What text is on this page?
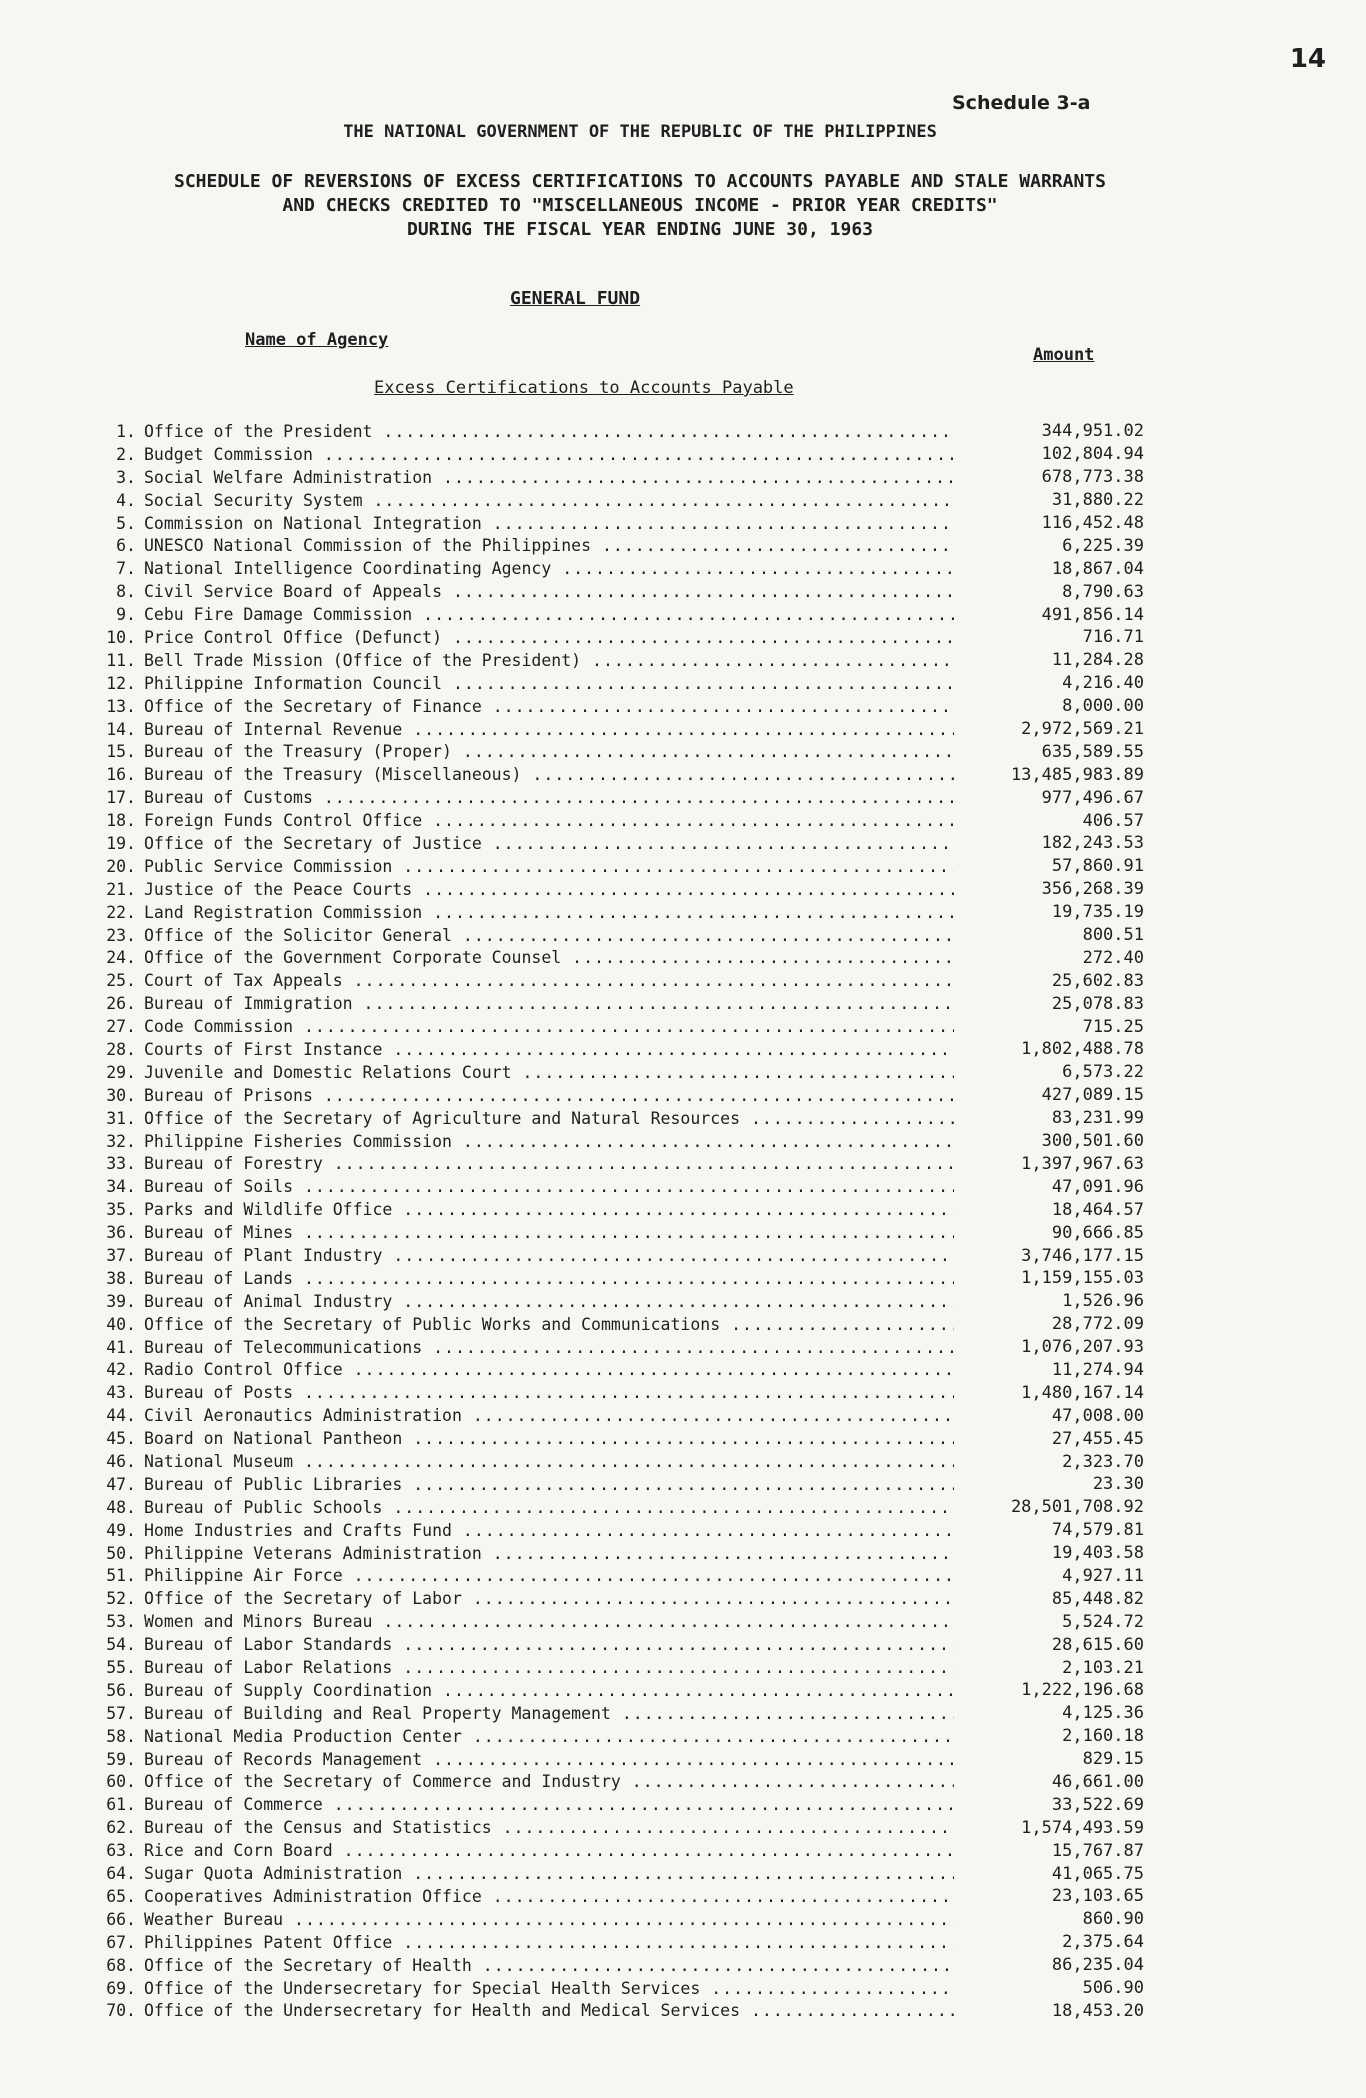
14
Schedule 3-a
THE NATIONAL GOVERNMENT OF THE REPUBLIC OF THE PHILIPPINES
SCHEDULE OF REVERSIONS OF EXCESS CERTIFICATIONS TO ACCOUNTS PAYABLE AND STALE WARRANTS
AND CHECKS CREDITED TO "MISCELLANEOUS INCOME - PRIOR YEAR CREDITS"
DURING THE FISCAL YEAR ENDING JUNE 30, 1963
GENERAL FUND
Name of Agency
Amount
Excess Certifications to Accounts Payable
1. Office of the President .....	344,951.02
2. Budget Commission .....	102,804.94
3. Social Welfare Administration .....	678,773.38
4. Social Security System .....	31,880.22
5. Commission on National Integration .....	116,452.48
6. UNESCO National Commission of the Philippines .....	6,225.39
7. National Intelligence Coordinating Agency .....	18,867.04
8. Civil Service Board of Appeals .....	8,790.63
9. Cebu Fire Damage Commission .....	491,856.14
10. Price Control Office (Defunct) .....	716.71
11. Bell Trade Mission (Office of the President) .....	11,284.28
12. Philippine Information Council .....	4,216.40
13. Office of the Secretary of Finance .....	8,000.00
14. Bureau of Internal Revenue .....	2,972,569.21
15. Bureau of the Treasury (Proper) .....	635,589.55
16. Bureau of the Treasury (Miscellaneous) .....	13,485,983.89
17. Bureau of Customs .....	977,496.67
18. Foreign Funds Control Office .....	406.57
19. Office of the Secretary of Justice .....	182,243.53
20. Public Service Commission .....	57,860.91
21. Justice of the Peace Courts .....	356,268.39
22. Land Registration Commission .....	19,735.19
23. Office of the Solicitor General .....	800.51
24. Office of the Government Corporate Counsel .....	272.40
25. Court of Tax Appeals .....	25,602.83
26. Bureau of Immigration .....	25,078.83
27. Code Commission .....	715.25
28. Courts of First Instance .....	1,802,488.78
29. Juvenile and Domestic Relations Court .....	6,573.22
30. Bureau of Prisons .....	427,089.15
31. Office of the Secretary of Agriculture and Natural Resources .....	83,231.99
32. Philippine Fisheries Commission .....	300,501.60
33. Bureau of Forestry .....	1,397,967.63
34. Bureau of Soils .....	47,091.96
35. Parks and Wildlife Office .....	18,464.57
36. Bureau of Mines .....	90,666.85
37. Bureau of Plant Industry .....	3,746,177.15
38. Bureau of Lands .....	1,159,155.03
39. Bureau of Animal Industry .....	1,526.96
40. Office of the Secretary of Public Works and Communications .....	28,772.09
41. Bureau of Telecommunications .....	1,076,207.93
42. Radio Control Office .....	11,274.94
43. Bureau of Posts .....	1,480,167.14
44. Civil Aeronautics Administration .....	47,008.00
45. Board on National Pantheon .....	27,455.45
46. National Museum .....	2,323.70
47. Bureau of Public Libraries .....	23.30
48. Bureau of Public Schools .....	28,501,708.92
49. Home Industries and Crafts Fund .....	74,579.81
50. Philippine Veterans Administration .....	19,403.58
51. Philippine Air Force .....	4,927.11
52. Office of the Secretary of Labor .....	85,448.82
53. Women and Minors Bureau .....	5,524.72
54. Bureau of Labor Standards .....	28,615.60
55. Bureau of Labor Relations .....	2,103.21
56. Bureau of Supply Coordination .....	1,222,196.68
57. Bureau of Building and Real Property Management .....	4,125.36
58. National Media Production Center .....	2,160.18
59. Bureau of Records Management .....	829.15
60. Office of the Secretary of Commerce and Industry .....	46,661.00
61. Bureau of Commerce .....	33,522.69
62. Bureau of the Census and Statistics .....	1,574,493.59
63. Rice and Corn Board .....	15,767.87
64. Sugar Quota Administration .....	41,065.75
65. Cooperatives Administration Office .....	23,103.65
66. Weather Bureau .....	860.90
67. Philippines Patent Office .....	2,375.64
68. Office of the Secretary of Health .....	86,235.04
69. Office of the Undersecretary for Special Health Services .....	506.90
70. Office of the Undersecretary for Health and Medical Services .....	18,453.20
